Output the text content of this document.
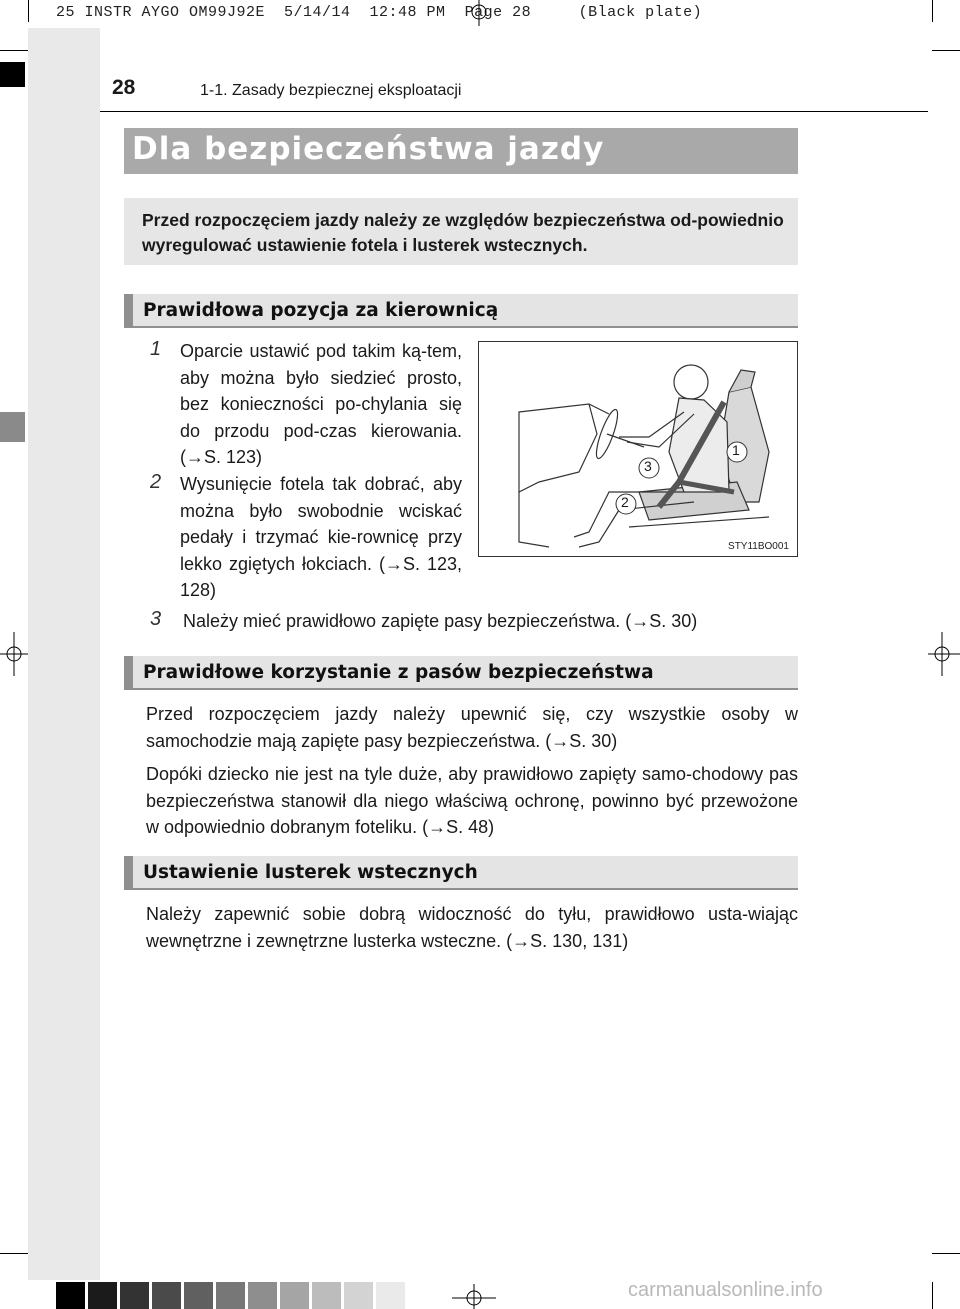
25 INSTR AYGO OM99J92E  5/14/14  12:48 PM  Page 28     (Black plate)
28	1-1. Zasady bezpiecznej eksploatacji
Dla bezpieczeństwa jazdy
Przed rozpoczęciem jazdy należy ze względów bezpieczeństwa od-powiednio wyregulować ustawienie fotela i lusterek wstecznych.
Prawidłowa pozycja za kierownicą
1 Oparcie ustawić pod takim ką-tem, aby można było siedzieć prosto, bez konieczności po-chylania się do przodu pod-czas kierowania. (→S. 123)
2 Wysunięcie fotela tak dobrać, aby można było swobodnie wciskać pedały i trzymać kie-rownicę przy lekko zgiętych łokciach. (→S. 123, 128)
3 Należy mieć prawidłowo zapięte pasy bezpieczeństwa. (→S. 30)
1
2
3
STY11BO001
Prawidłowe korzystanie z pasów bezpieczeństwa
Przed rozpoczęciem jazdy należy upewnić się, czy wszystkie osoby w samochodzie mają zapięte pasy bezpieczeństwa. (→S. 30)
Dopóki dziecko nie jest na tyle duże, aby prawidłowo zapięty samo-chodowy pas bezpieczeństwa stanowił dla niego właściwą ochronę, powinno być przewożone w odpowiednio dobranym foteliku. (→S. 48)
Ustawienie lusterek wstecznych
Należy zapewnić sobie dobrą widoczność do tyłu, prawidłowo usta-wiając wewnętrzne i zewnętrzne lusterka wsteczne. (→S. 130, 131)
carmanualsonline.info
